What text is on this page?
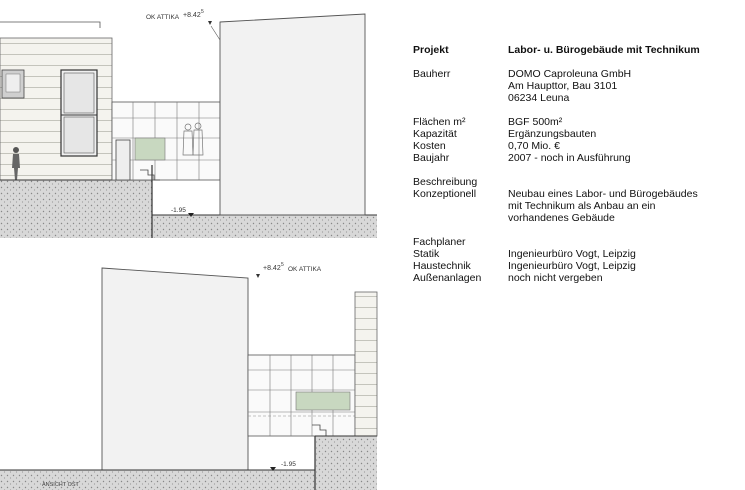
OK ATTIKA +8.42 5
-1.95
+8.42 5
OK ATTIKA
-1.95
ANSICHT OST
Projekt	Labor- u. Bürogebäude mit Technikum
Bauherr	DOMO Caproleuna GmbH
Am Haupttor, Bau 3101
06234 Leuna
Flächen m²	BGF 500m²
Kapazität	Ergänzungsbauten
Kosten	0,70 Mio. €
Baujahr	2007 - noch in Ausführung
Beschreibung
Konzeptionell	Neubau eines Labor- und Bürogebäudes
mit Technikum als Anbau an ein
vorhandenes Gebäude
Fachplaner
Statik	Ingenieurbüro Vogt, Leipzig
Haustechnik	Ingenieurbüro Vogt, Leipzig
Außenanlagen	noch nicht vergeben
